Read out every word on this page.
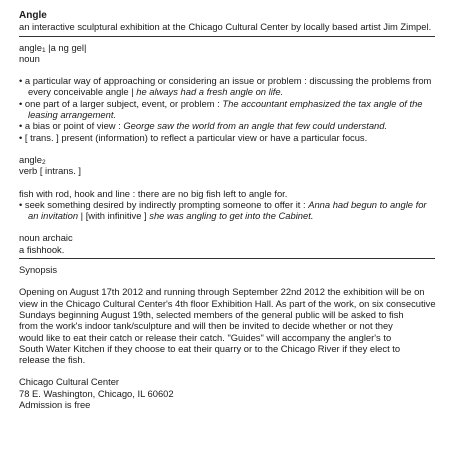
Angle
an interactive sculptural exhibition at the Chicago Cultural Center by locally based artist Jim Zimpel.
angle$_1$ |a ng gel|
noun
• a particular way of approaching or considering an issue or problem : discussing the problems from
every conceivable angle | he always had a fresh angle on life.
• one part of a larger subject, event, or problem : The accountant emphasized the tax angle of the
leasing arrangement.
• a bias or point of view : George saw the world from an angle that few could understand.
• [ trans. ] present (information) to reflect a particular view or have a particular focus.
angle$_2$
verb [ intrans. ]
fish with rod, hook and line : there are no big fish left to angle for.
• seek something desired by indirectly prompting someone to offer it : Anna had begun to angle for
an invitation | [with infinitive ] she was angling to get into the Cabinet.
noun archaic
a fishhook.
Synopsis
Opening on August 17th 2012 and running through September 22nd 2012 the exhibition will be on
view in the Chicago Cultural Center's 4th floor Exhibition Hall. As part of the work, on six consecutive
Sundays beginning August 19th, selected members of the general public will be asked to fish
from the work's indoor tank/sculpture and will then be invited to decide whether or not they
would like to eat their catch or release their catch. "Guides" will accompany the angler's to
South Water Kitchen if they choose to eat their quarry or to the Chicago River if they elect to
release the fish.
Chicago Cultural Center
78 E. Washington, Chicago, IL 60602
Admission is free
